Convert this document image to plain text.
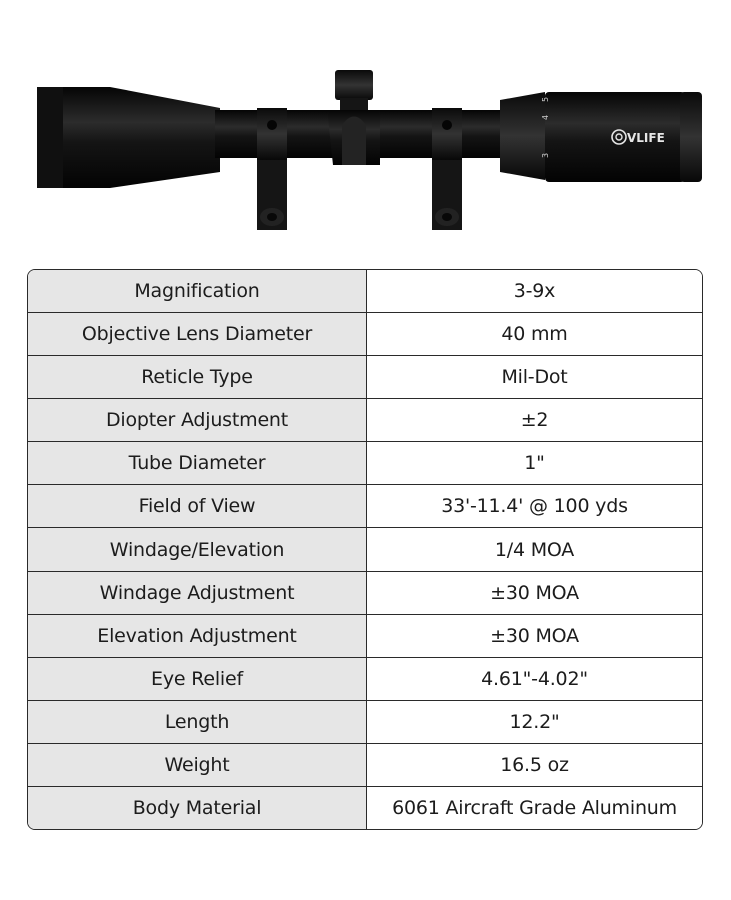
3
4
5
VLIFE
Magnification	3-9x
Objective Lens Diameter	40 mm
Reticle Type	Mil-Dot
Diopter Adjustment	±2
Tube Diameter	1"
Field of View	33'-11.4' @ 100 yds
Windage/Elevation	1/4 MOA
Windage Adjustment	±30 MOA
Elevation Adjustment	±30 MOA
Eye Relief	4.61"-4.02"
Length	12.2"
Weight	16.5 oz
Body Material	6061 Aircraft Grade Aluminum
